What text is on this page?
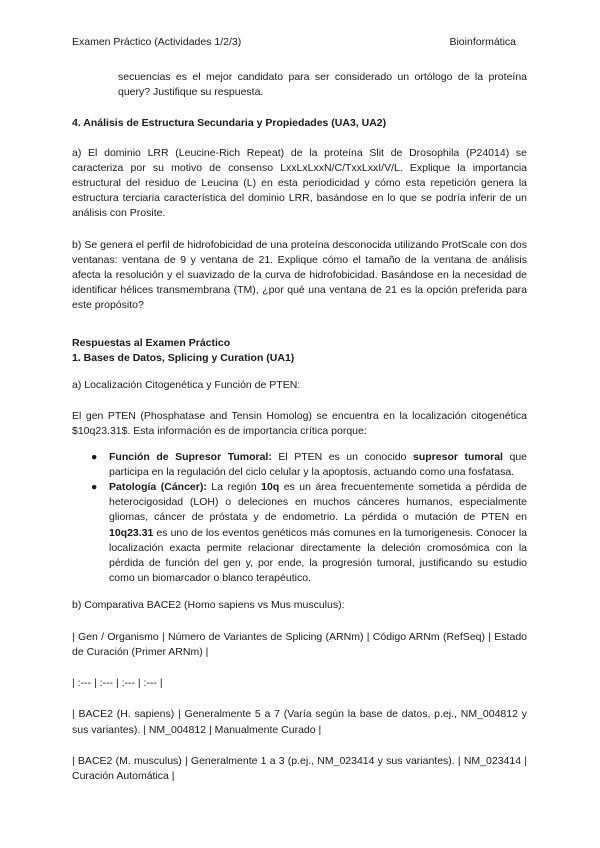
Examen Práctico (Actividades 1/2/3)	Bioinformática

secuencias es el mejor candidato para ser considerado un ortólogo de la proteína query? Justifique su respuesta.

4. Análisis de Estructura Secundaria y Propiedades (UA3, UA2)

a) El dominio LRR (Leucine-Rich Repeat) de la proteína Slit de Drosophila (P24014) se caracteriza por su motivo de consenso LxxLxLxxN/C/TxxLxxI/V/L. Explique la importancia estructural del residuo de Leucina (L) en esta periodicidad y cómo esta repetición genera la estructura terciaria característica del dominio LRR, basándose en lo que se podría inferir de un análisis con Prosite.

b) Se genera el perfil de hidrofobicidad de una proteína desconocida utilizando ProtScale con dos ventanas: ventana de 9 y ventana de 21. Explique cómo el tamaño de la ventana de análisis afecta la resolución y el suavizado de la curva de hidrofobicidad. Basándose en la necesidad de identificar hélices transmembrana (TM), ¿por qué una ventana de 21 es la opción preferida para este propósito?

Respuestas al Examen Práctico

1. Bases de Datos, Splicing y Curation (UA1)

a) Localización Citogenética y Función de PTEN:

El gen PTEN (Phosphatase and Tensin Homolog) se encuentra en la localización citogenética $10q23.31$. Esta información es de importancia crítica porque:

● Función de Supresor Tumoral: El PTEN es un conocido supresor tumoral que participa en la regulación del ciclo celular y la apoptosis, actuando como una fosfatasa.
● Patología (Cáncer): La región 10q es un área frecuentemente sometida a pérdida de heterocigosidad (LOH) o deleciones en muchos cánceres humanos, especialmente gliomas, cáncer de próstata y de endometrio. La pérdida o mutación de PTEN en 10q23.31 es uno de los eventos genéticos más comunes en la tumorigenesis. Conocer la localización exacta permite relacionar directamente la deleción cromosómica con la pérdida de función del gen y, por ende, la progresión tumoral, justificando su estudio como un biomarcador o blanco terapéutico.

b) Comparativa BACE2 (Homo sapiens vs Mus musculus):

| Gen / Organismo | Número de Variantes de Splicing (ARNm) | Código ARNm (RefSeq) | Estado de Curación (Primer ARNm) |

| :--- | :--- | :--- | :--- |

| BACE2 (H. sapiens) | Generalmente 5 a 7 (Varía según la base de datos, p.ej., NM_004812 y sus variantes). | NM_004812 | Manualmente Curado |

| BACE2 (M. musculus) | Generalmente 1 a 3 (p.ej., NM_023414 y sus variantes). | NM_023414 | Curación Automática |
